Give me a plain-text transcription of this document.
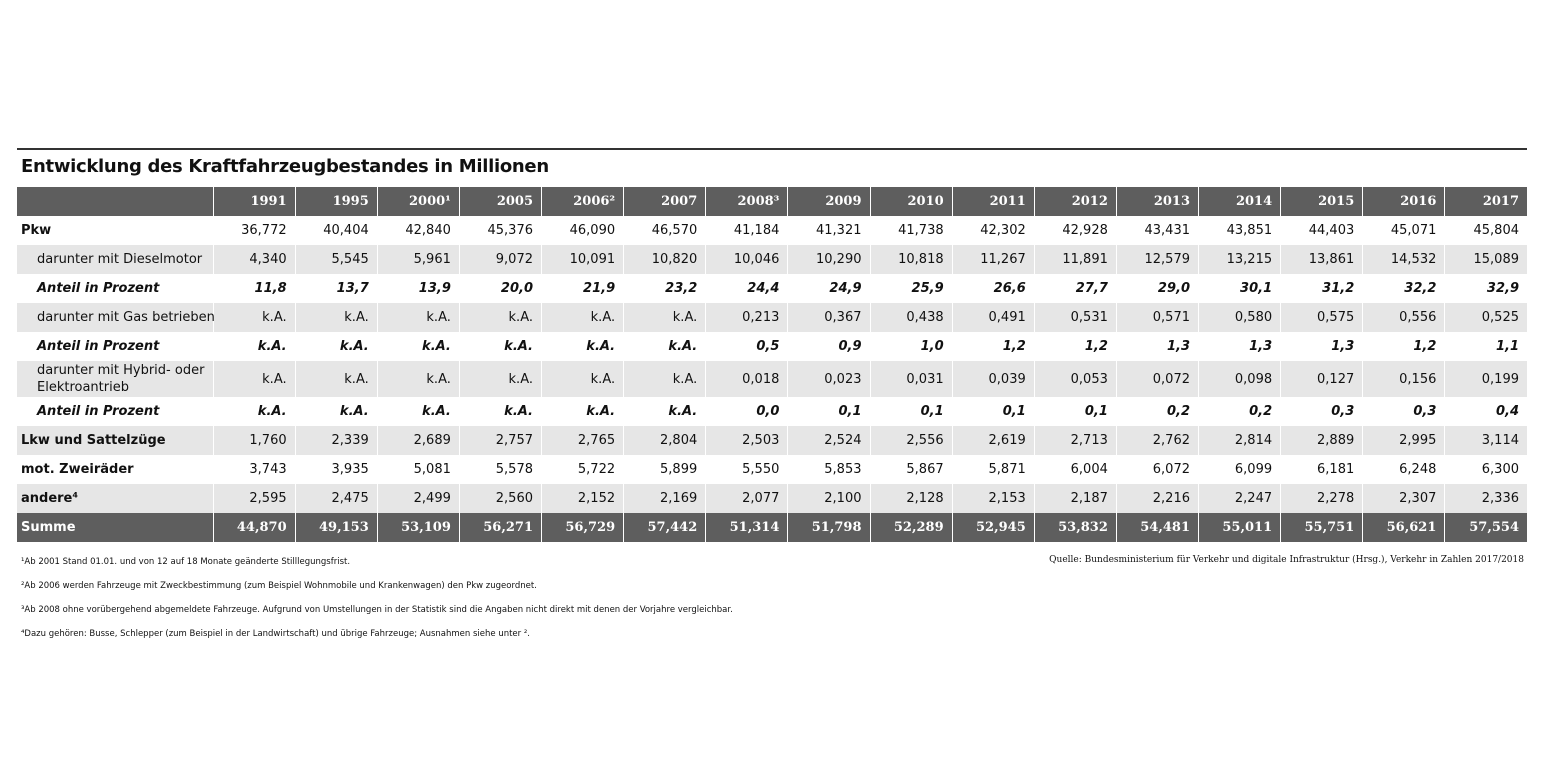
Entwicklung des Kraftfahrzeugbestandes in Millionen
	1991	1995	2000¹	2005	2006²	2007	2008³	2009	2010	2011	2012	2013	2014	2015	2016	2017
Pkw	36,772	40,404	42,840	45,376	46,090	46,570	41,184	41,321	41,738	42,302	42,928	43,431	43,851	44,403	45,071	45,804
darunter mit Dieselmotor	4,340	5,545	5,961	9,072	10,091	10,820	10,046	10,290	10,818	11,267	11,891	12,579	13,215	13,861	14,532	15,089
Anteil in Prozent	11,8	13,7	13,9	20,0	21,9	23,2	24,4	24,9	25,9	26,6	27,7	29,0	30,1	31,2	32,2	32,9
darunter mit Gas betrieben	k.A.	k.A.	k.A.	k.A.	k.A.	k.A.	0,213	0,367	0,438	0,491	0,531	0,571	0,580	0,575	0,556	0,525
Anteil in Prozent	k.A.	k.A.	k.A.	k.A.	k.A.	k.A.	0,5	0,9	1,0	1,2	1,2	1,3	1,3	1,3	1,2	1,1
darunter mit Hybrid- oder Elektroantrieb	k.A.	k.A.	k.A.	k.A.	k.A.	k.A.	0,018	0,023	0,031	0,039	0,053	0,072	0,098	0,127	0,156	0,199
Anteil in Prozent	k.A.	k.A.	k.A.	k.A.	k.A.	k.A.	0,0	0,1	0,1	0,1	0,1	0,2	0,2	0,3	0,3	0,4
Lkw und Sattelzüge	1,760	2,339	2,689	2,757	2,765	2,804	2,503	2,524	2,556	2,619	2,713	2,762	2,814	2,889	2,995	3,114
mot. Zweiräder	3,743	3,935	5,081	5,578	5,722	5,899	5,550	5,853	5,867	5,871	6,004	6,072	6,099	6,181	6,248	6,300
andere⁴	2,595	2,475	2,499	2,560	2,152	2,169	2,077	2,100	2,128	2,153	2,187	2,216	2,247	2,278	2,307	2,336
Summe	44,870	49,153	53,109	56,271	56,729	57,442	51,314	51,798	52,289	52,945	53,832	54,481	55,011	55,751	56,621	57,554
¹Ab 2001 Stand 01.01. und von 12 auf 18 Monate geänderte Stilllegungsfrist.
²Ab 2006 werden Fahrzeuge mit Zweckbestimmung (zum Beispiel Wohnmobile und Krankenwagen) den Pkw zugeordnet.
³Ab 2008 ohne vorübergehend abgemeldete Fahrzeuge. Aufgrund von Umstellungen in der Statistik sind die Angaben nicht direkt mit denen der Vorjahre vergleichbar.
⁴Dazu gehören: Busse, Schlepper (zum Beispiel in der Landwirtschaft) und übrige Fahrzeuge; Ausnahmen siehe unter ².
Quelle: Bundesministerium für Verkehr und digitale Infrastruktur (Hrsg.), Verkehr in Zahlen 2017/2018
